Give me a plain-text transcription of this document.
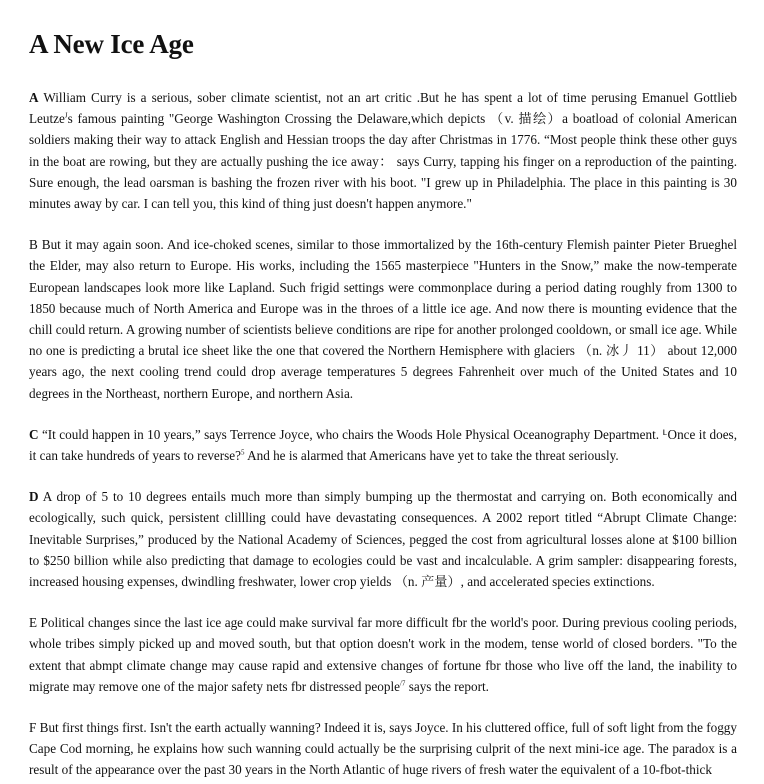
A New Ice Age

A William Curry is a serious, sober climate scientist, not an art critic .But he has spent a lot of time perusing Emanuel Gottlieb Leutze$^J$s famous painting "George Washington Crossing the Delaware,which depicts （v. 描绘）a boatload of colonial American soldiers making their way to attack English and Hessian troops the day after Christmas in 1776. “Most people think these other guys in the boat are rowing, but they are actually pushing the ice away： says Curry, tapping his finger on a reproduction of the painting. Sure enough, the lead oarsman is bashing the frozen river with his boot. "I grew up in Philadelphia. The place in this painting is 30 minutes away by car. I can tell you, this kind of thing just doesn't happen anymore."

B But it may again soon. And ice-choked scenes, similar to those immortalized by the 16th-century Flemish painter Pieter Brueghel the Elder, may also return to Europe. His works, including the 1565 masterpiece "Hunters in the Snow,” make the now-temperate European landscapes look more like Lapland. Such frigid settings were commonplace during a period dating roughly from 1300 to 1850 because much of North America and Europe was in the throes of a little ice age. And now there is mounting evidence that the chill could return. A growing number of scientists believe conditions are ripe for another prolonged cooldown, or small ice age. While no one is predicting a brutal ice sheet like the one that covered the Northern Hemisphere with glaciers （n. 冰丿 11） about 12,000 years ago, the next cooling trend could drop average temperatures 5 degrees Fahrenheit over much of the United States and 10 degrees in the Northeast, northern Europe, and northern Asia.

C “It could happen in 10 years,” says Terrence Joyce, who chairs the Woods Hole Physical Oceanography Department. ᒻOnce it does, it can take hundreds of years to reverse?$^5$ And he is alarmed that Americans have yet to take the threat seriously.

D A drop of 5 to 10 degrees entails much more than simply bumping up the thermostat and carrying on. Both economically and ecologically, such quick, persistent clillling could have devastating consequences. A 2002 report titled “Abrupt Climate Change: Inevitable Surprises,” produced by the National Academy of Sciences, pegged the cost from agricultural losses alone at $100 billion to $250 billion while also predicting that damage to ecologies could be vast and incalculable. A grim sampler: disappearing forests, increased housing expenses, dwindling freshwater, lower crop yields （n. 产量）, and accelerated species extinctions.

E Political changes since the last ice age could make survival far more difficult fbr the world's poor. During previous cooling periods, whole tribes simply picked up and moved south, but that option doesn't work in the modem, tense world of closed borders. "To the extent that abmpt climate change may cause rapid and extensive changes of fortune fbr those who live off the land, the inability to migrate may remove one of the major safety nets fbr distressed people$^{/7}$ says the report.

F But first things first. Isn't the earth actually wanning? Indeed it is, says Joyce. In his cluttered office, full of soft light from the foggy Cape Cod morning, he explains how such wanning could actually be the surprising culprit of the next mini-ice age. The paradox is a result of the appearance over the past 30 years in the North Atlantic of huge rivers of fresh water the equivalent of a 10-fbot-thick
